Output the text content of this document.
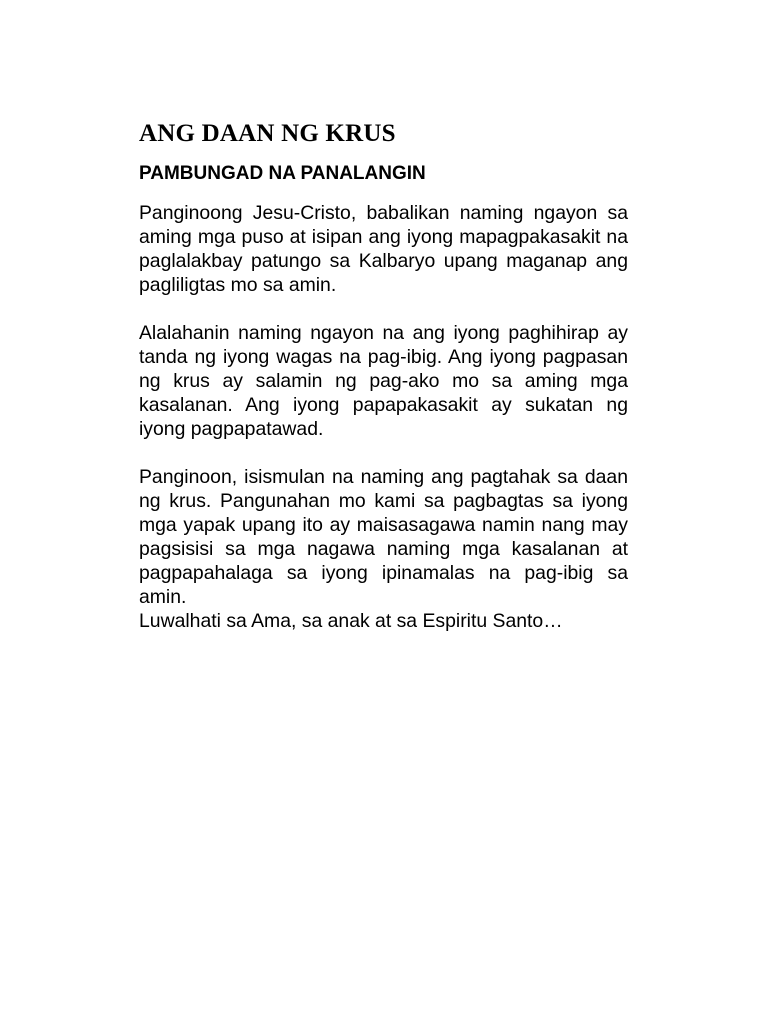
ANG DAAN NG KRUS
PAMBUNGAD NA PANALANGIN

Panginoong Jesu-Cristo, babalikan naming ngayon sa aming mga puso at isipan ang iyong mapagpakasakit na paglalakbay patungo sa Kalbaryo upang maganap ang pagliligtas mo sa amin.

Alalahanin naming ngayon na ang iyong paghihirap ay tanda ng iyong wagas na pag-ibig. Ang iyong pagpasan ng krus ay salamin ng pag-ako mo sa aming mga kasalanan. Ang iyong papapakasakit ay sukatan ng iyong pagpapatawad.

Panginoon, isismulan na naming ang pagtahak sa daan ng krus. Pangunahan mo kami sa pagbagtas sa iyong mga yapak upang ito ay maisasagawa namin nang may pagsisisi sa mga nagawa naming mga kasalanan at pagpapahalaga sa iyong ipinamalas na pag-ibig sa amin.

Luwalhati sa Ama, sa anak at sa Espiritu Santo…
